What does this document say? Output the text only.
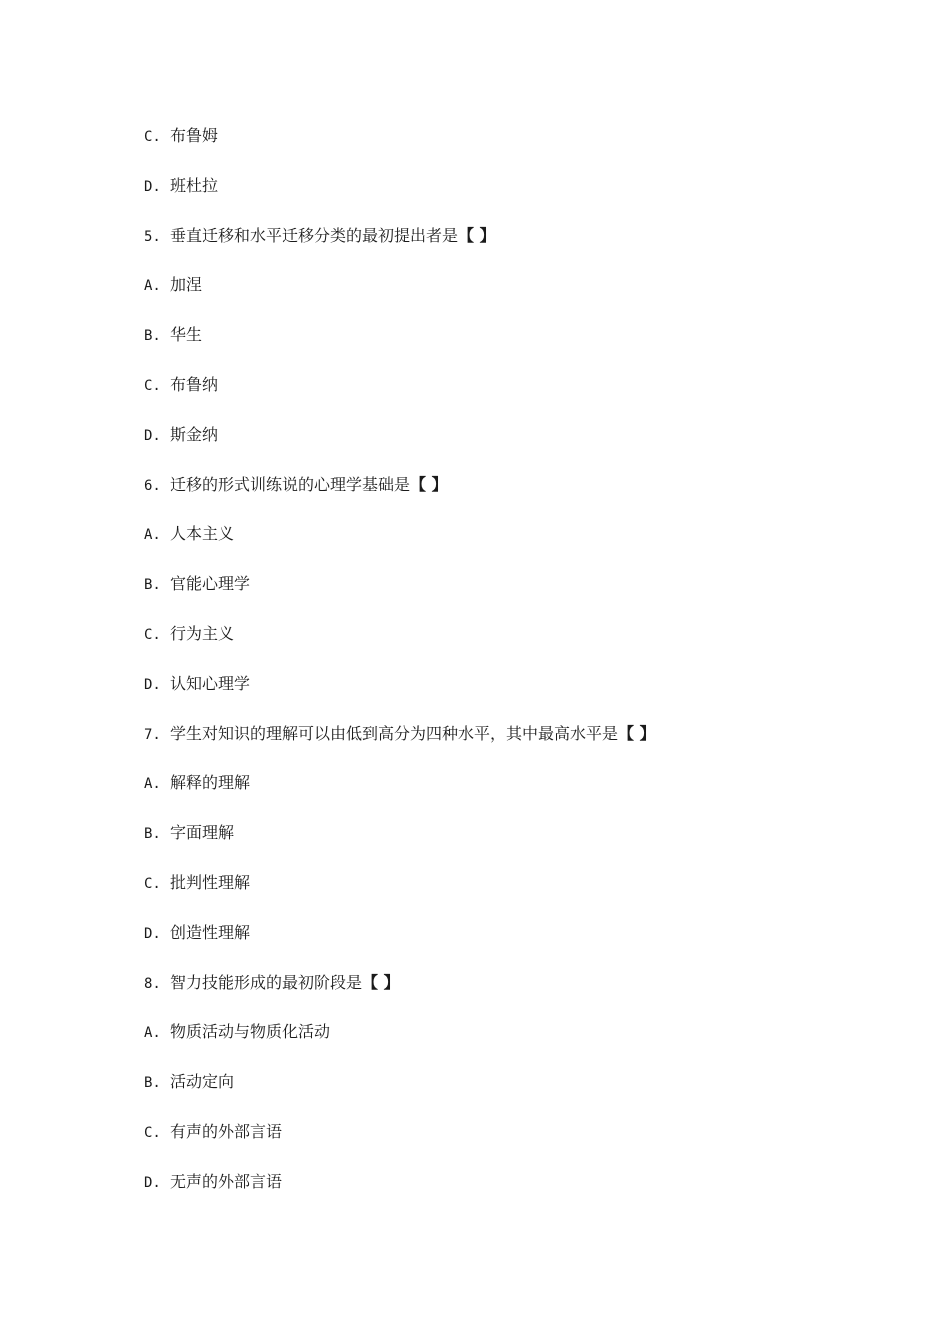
C. 布鲁姆
D. 班杜拉
5. 垂直迁移和水平迁移分类的最初提出者是【 】
A. 加涅
B. 华生
C. 布鲁纳
D. 斯金纳
6. 迁移的形式训练说的心理学基础是【 】
A. 人本主义
B. 官能心理学
C. 行为主义
D. 认知心理学
7. 学生对知识的理解可以由低到高分为四种水平，其中最高水平是【 】
A. 解释的理解
B. 字面理解
C. 批判性理解
D. 创造性理解
8. 智力技能形成的最初阶段是【 】
A. 物质活动与物质化活动
B. 活动定向
C. 有声的外部言语
D. 无声的外部言语
